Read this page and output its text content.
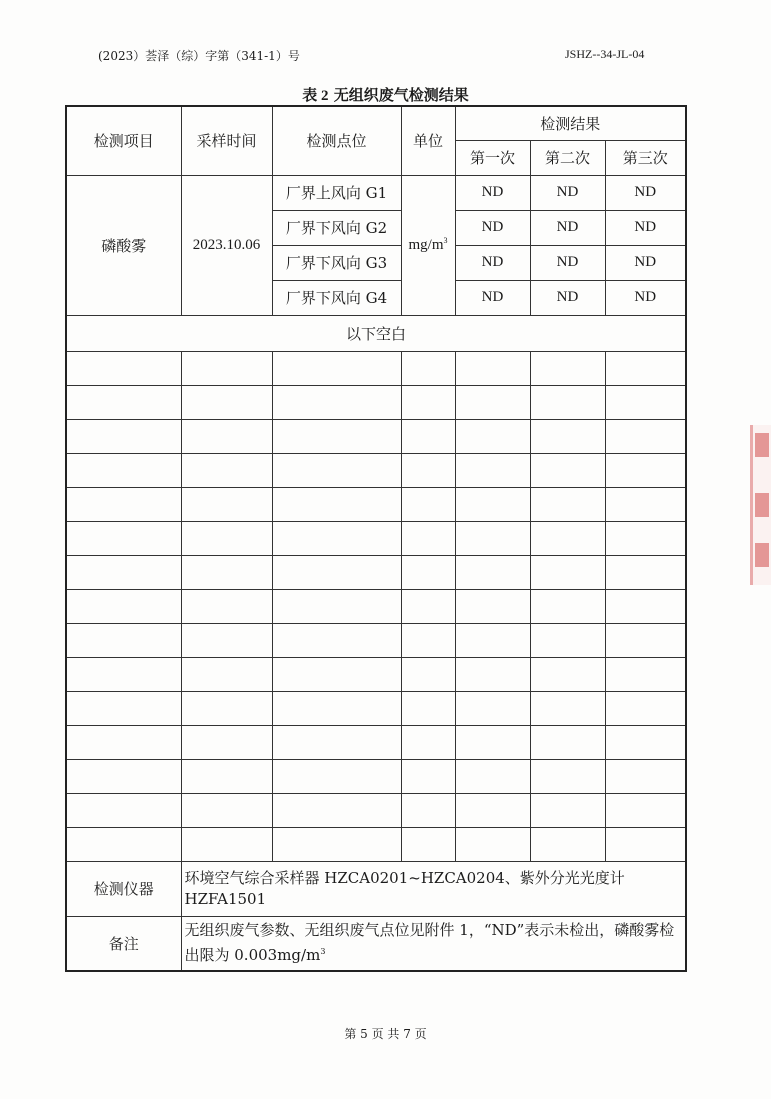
(2023）荟泽（综）字第（341-1）号	JSHZ--34-JL-04
表 2 无组织废气检测结果
检测项目	采样时间	检测点位	单位	检测结果		
				第一次	第二次	第三次
磷酸雾	2023.10.06	厂界上风向 G1	$mg/m^3$	ND	ND	ND
		厂界下风向 G2		ND	ND	ND
		厂界下风向 G3		ND	ND	ND
		厂界下风向 G4		ND	ND	ND
以下空白						

检测仪器	环境空气综合采样器 HZCA0201~HZCA0204、紫外分光光度计 HZFA1501					
备注	无组织废气参数、无组织废气点位见附件 1，“ND”表示未检出，磷酸雾检出限为 $0.003mg/m^3$
第 5 页 共 7 页
